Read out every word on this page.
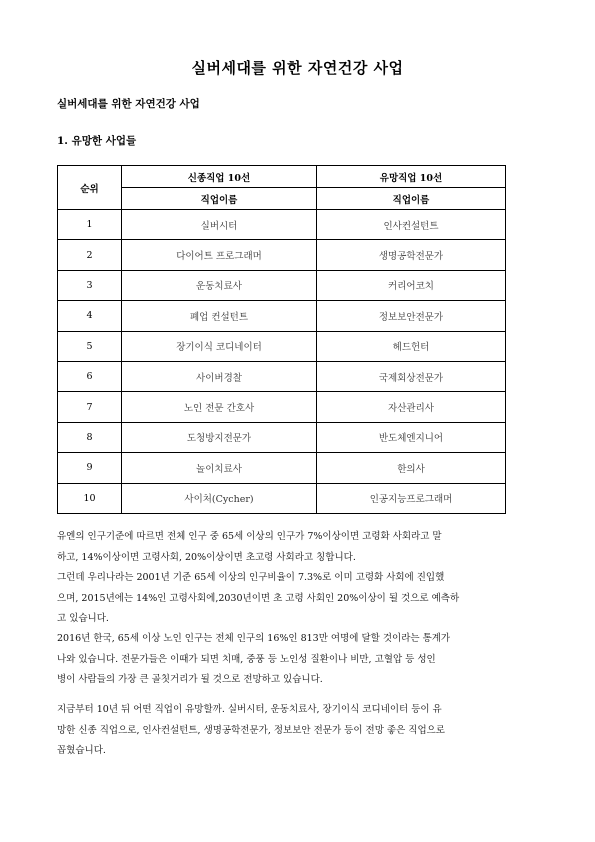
실버세대를 위한 자연건강 사업
실버세대를 위한 자연건강 사업
1. 유망한 사업들
순위	신종직업 10선	유망직업 10선
	직업이름	직업이름
1	실버시터	인사컨설턴트
2	다이어트 프로그래머	생명공학전문가
3	운동치료사	커리어코치
4	폐업 컨설턴트	정보보안전문가
5	장기이식 코디네이터	헤드헌터
6	사이버경찰	국제회상전문가
7	노인 전문 간호사	자산관리사
8	도청방지전문가	반도체엔지니어
9	놀이치료사	한의사
10	사이처(Cycher)	인공지능프로그래머
유엔의 인구기준에 따르면 전체 인구 중 65세 이상의 인구가 7%이상이면 고령화 사회라고 말
하고, 14%이상이면 고령사회, 20%이상이면 초고령 사회라고 칭합니다.
그런데 우리나라는 2001년 기준 65세 이상의 인구비율이 7.3%로 이미 고령화 사회에 진입했
으며, 2015년에는 14%인 고령사회에,2030년이면 초 고령 사회인 20%이상이 될 것으로 예측하
고 있습니다.
2016년 한국, 65세 이상 노인 인구는 전체 인구의 16%인 813만 여명에 달할 것이라는 통계가
나와 있습니다. 전문가들은 이때가 되면 치매, 중풍 등 노인성 질환이나 비만, 고혈압 등 성인
병이 사람들의 가장 큰 골칫거리가 될 것으로 전망하고 있습니다.
지금부터 10년 뒤 어떤 직업이 유망할까. 실버시터, 운동치료사, 장기이식 코디네이터 등이 유
망한 신종 직업으로, 인사컨설턴트, 생명공학전문가, 정보보안 전문가 등이 전망 좋은 직업으로
꼽혔습니다.
